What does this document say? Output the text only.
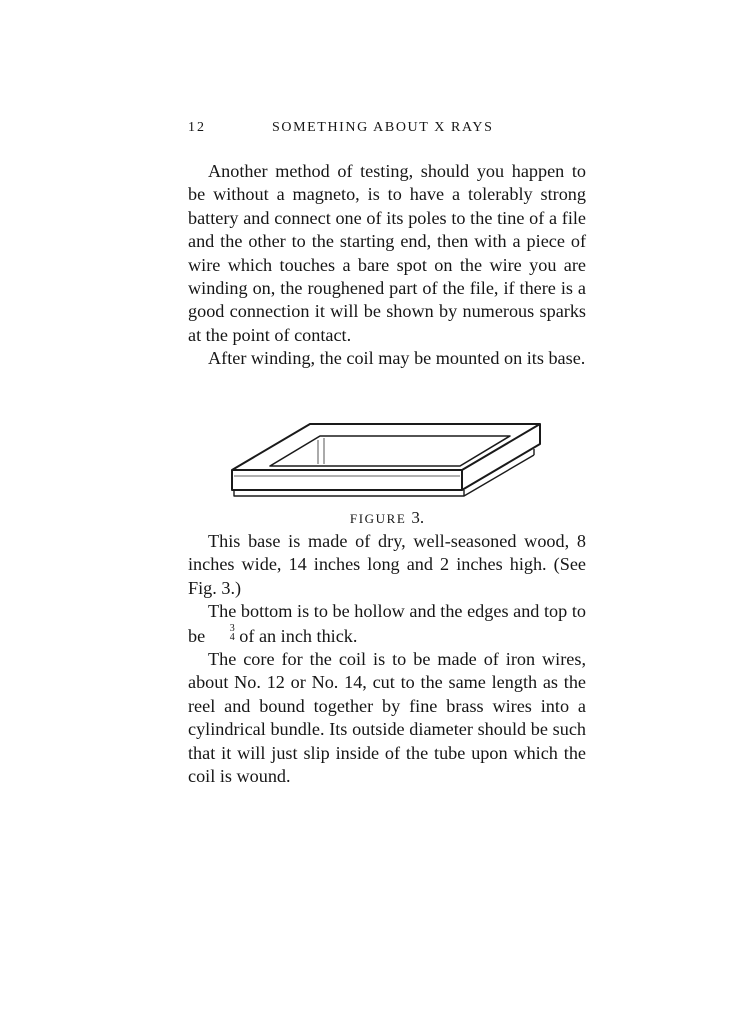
12	SOMETHING ABOUT X RAYS

Another method of testing, should you happen to be without a magneto, is to have a tolerably strong battery and connect one of its poles to the tine of a file and the other to the starting end, then with a piece of wire which touches a bare spot on the wire you are winding on, the roughened part of the file, if there is a good connection it will be shown by numerous sparks at the point of contact.

After winding, the coil may be mounted on its base.

FIGURE 3.

This base is made of dry, well-seasoned wood, 8 inches wide, 14 inches long and 2 inches high. (See Fig. 3.)

The bottom is to be hollow and the edges and top to be	3
4 of an inch thick.

The core for the coil is to be made of iron wires, about No. 12 or No. 14, cut to the same length as the reel and bound together by fine brass wires into a cylindrical bundle. Its outside diameter should be such that it will just slip inside of the tube upon which the coil is wound.
